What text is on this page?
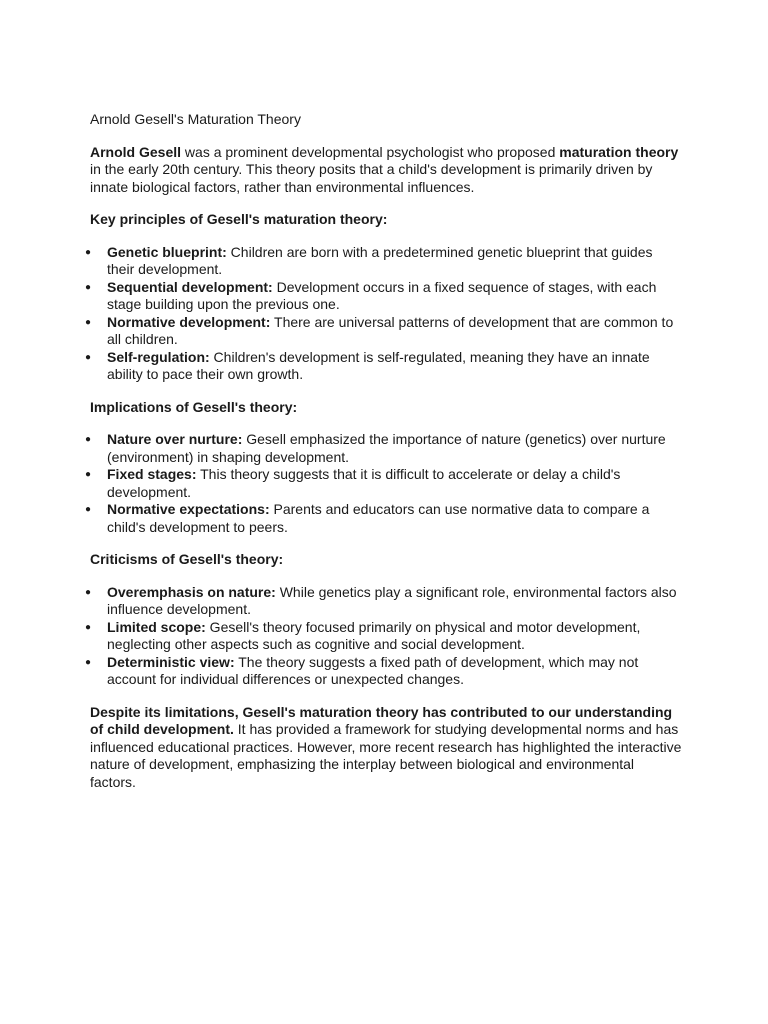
Arnold Gesell's Maturation Theory

Arnold Gesell was a prominent developmental psychologist who proposed maturation theory in the early 20th century. This theory posits that a child's development is primarily driven by innate biological factors, rather than environmental influences.

Key principles of Gesell's maturation theory:

● Genetic blueprint: Children are born with a predetermined genetic blueprint that guides their development.
● Sequential development: Development occurs in a fixed sequence of stages, with each stage building upon the previous one.
● Normative development: There are universal patterns of development that are common to all children.
● Self-regulation: Children's development is self-regulated, meaning they have an innate ability to pace their own growth.

Implications of Gesell's theory:

● Nature over nurture: Gesell emphasized the importance of nature (genetics) over nurture (environment) in shaping development.
● Fixed stages: This theory suggests that it is difficult to accelerate or delay a child's development.
● Normative expectations: Parents and educators can use normative data to compare a child's development to peers.

Criticisms of Gesell's theory:

● Overemphasis on nature: While genetics play a significant role, environmental factors also influence development.
● Limited scope: Gesell's theory focused primarily on physical and motor development, neglecting other aspects such as cognitive and social development.
● Deterministic view: The theory suggests a fixed path of development, which may not account for individual differences or unexpected changes.

Despite its limitations, Gesell's maturation theory has contributed to our understanding of child development. It has provided a framework for studying developmental norms and has influenced educational practices. However, more recent research has highlighted the interactive nature of development, emphasizing the interplay between biological and environmental factors.
